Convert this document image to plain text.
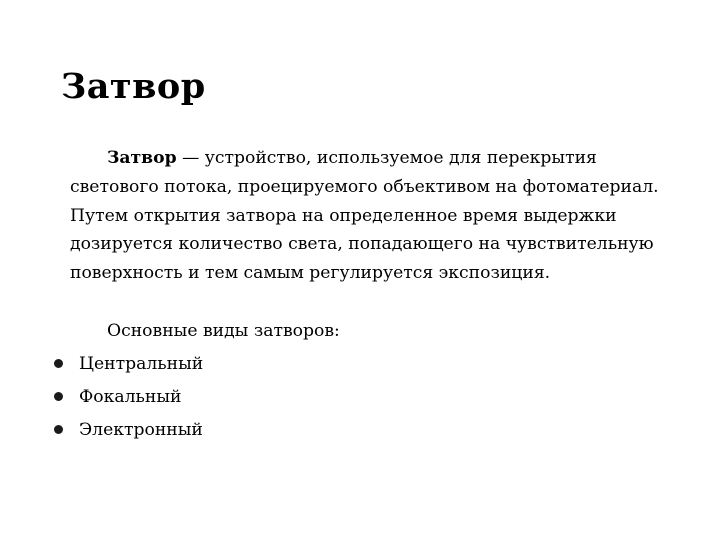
Затвор

Затвор — устройство, используемое для перекрытия светового потока, проецируемого объективом на фотоматериал. Путем открытия затвора на определенное время выдержки дозируется количество света, попадающего на чувствительную поверхность и тем самым регулируется экспозиция.

Основные виды затворов:

Центральный
Фокальный
Электронный
